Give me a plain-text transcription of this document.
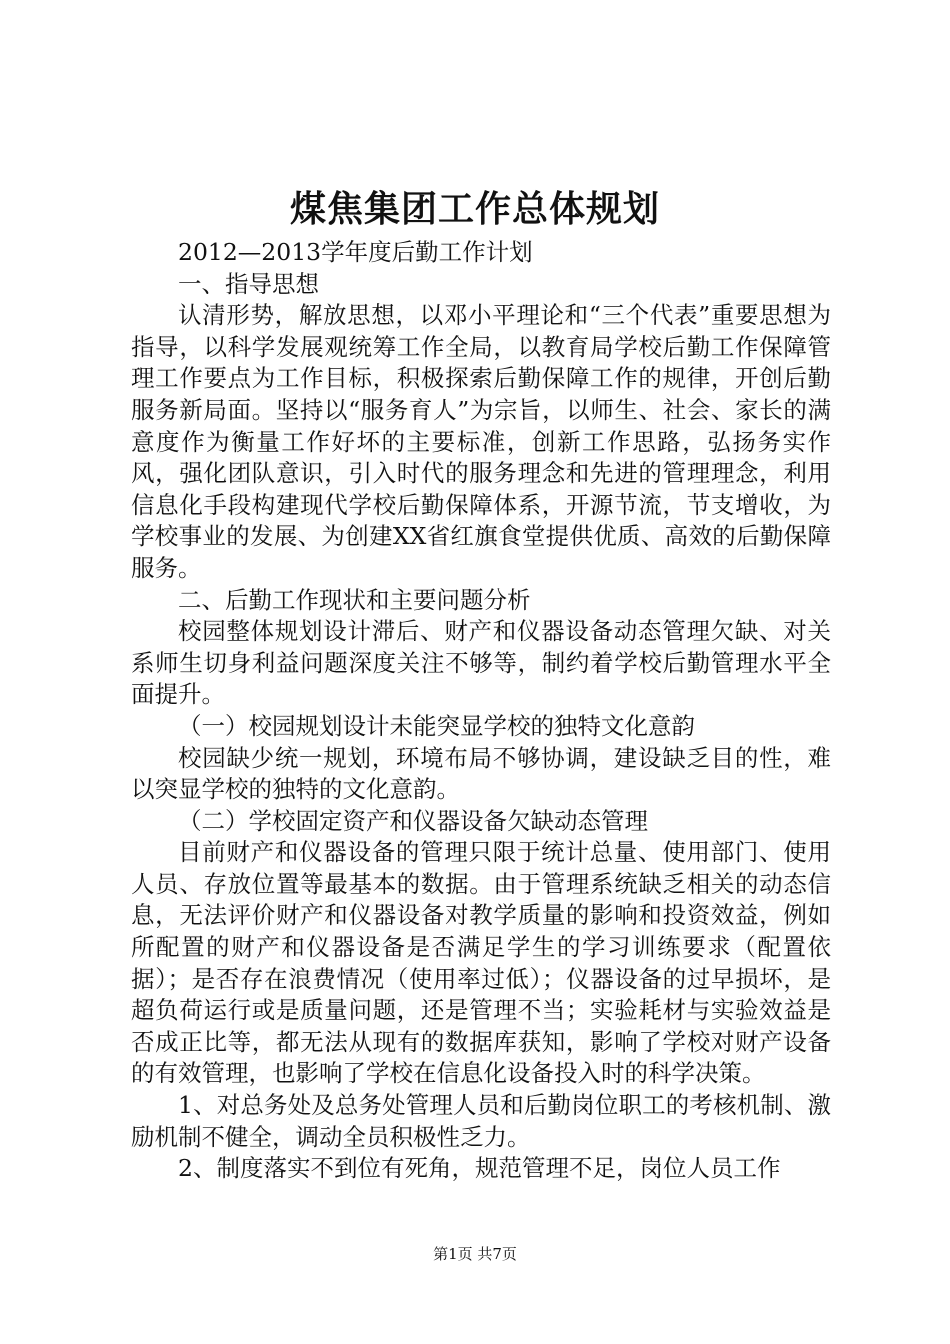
煤焦集团工作总体规划

2012—2013学年度后勤工作计划

一、指导思想

认清形势，解放思想，以邓小平理论和“三个代表”重要思想为指导，以科学发展观统筹工作全局，以教育局学校后勤工作保障管理工作要点为工作目标，积极探索后勤保障工作的规律，开创后勤服务新局面。坚持以“服务育人”为宗旨，以师生、社会、家长的满意度作为衡量工作好坏的主要标准，创新工作思路，弘扬务实作风，强化团队意识，引入时代的服务理念和先进的管理理念，利用信息化手段构建现代学校后勤保障体系，开源节流，节支增收，为学校事业的发展、为创建XX省红旗食堂提供优质、高效的后勤保障服务。

二、后勤工作现状和主要问题分析

校园整体规划设计滞后、财产和仪器设备动态管理欠缺、对关系师生切身利益问题深度关注不够等，制约着学校后勤管理水平全面提升。

（一）校园规划设计未能突显学校的独特文化意韵

校园缺少统一规划，环境布局不够协调，建设缺乏目的性，难以突显学校的独特的文化意韵。

（二）学校固定资产和仪器设备欠缺动态管理

目前财产和仪器设备的管理只限于统计总量、使用部门、使用人员、存放位置等最基本的数据。由于管理系统缺乏相关的动态信息，无法评价财产和仪器设备对教学质量的影响和投资效益，例如所配置的财产和仪器设备是否满足学生的学习训练要求（配置依据）；是否存在浪费情况（使用率过低）；仪器设备的过早损坏，是超负荷运行或是质量问题，还是管理不当；实验耗材与实验效益是否成正比等，都无法从现有的数据库获知，影响了学校对财产设备的有效管理，也影响了学校在信息化设备投入时的科学决策。

1、对总务处及总务处管理人员和后勤岗位职工的考核机制、激励机制不健全，调动全员积极性乏力。

2、制度落实不到位有死角，规范管理不足，岗位人员工作

第1页 共7页
